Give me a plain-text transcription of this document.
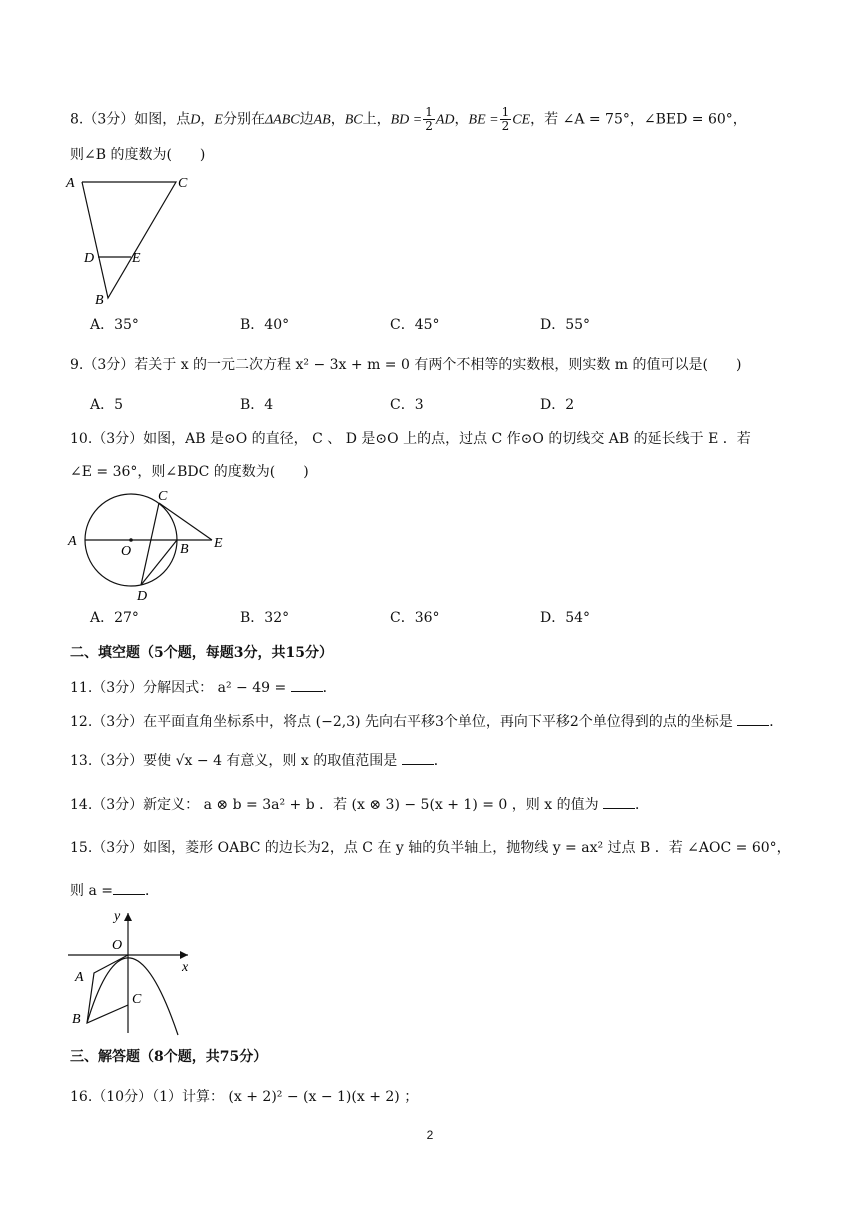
8.（3分）如图，点D，E分别在ΔABC边AB，BC上，BD = $\frac{1}{2}$ AD，BE = $\frac{1}{2}$ CE，若 ∠A = 75°，∠BED = 60°，
则∠B 的度数为(　　)
A	C
D	E
B
A．35°	B．40°	C．45°	D．55°
9.（3分）若关于 x 的一元二次方程 x² − 3x + m = 0 有两个不相等的实数根，则实数 m 的值可以是(　　)
A．5	B．4	C．3	D．2
10.（3分）如图，AB 是⊙O 的直径， C 、 D 是⊙O 上的点，过点 C 作⊙O 的切线交 AB 的延长线于 E ．若
∠E = 36°，则∠BDC 的度数为(　　)
A
O	B E
C
D
A．27°	B．32°	C．36°	D．54°
二、填空题（5个题，每题3分，共15分）
11.（3分）分解因式： a² − 49 =	．
12.（3分）在平面直角坐标系中，将点 (−2,3) 先向右平移3个单位，再向下平移2个单位得到的点的坐标是	．
13.（3分）要使 √x − 4 有意义，则 x 的取值范围是	．
14.（3分）新定义： a ⊗ b = 3a² + b ．若 (x ⊗ 3) − 5(x + 1) = 0 ，则 x 的值为	．
15.（3分）如图，菱形 OABC 的边长为2，点 C 在 y 轴的负半轴上，抛物线 y = ax² 过点 B ．若 ∠AOC = 60°，
则 a = ．
y
O
x
A
C
B
三、解答题（8个题，共75分）
16.（10分）（1）计算： (x + 2)² − (x − 1)(x + 2) ；
2
